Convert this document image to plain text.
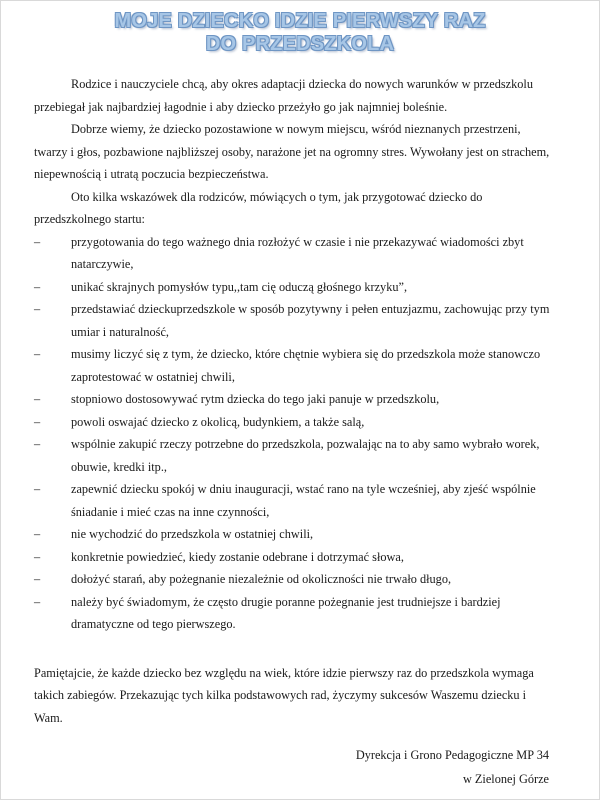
MOJE DZIECKO IDZIE PIERWSZY RAZ
DO PRZEDSZKOLA

Rodzice i nauczyciele chcą, aby okres adaptacji dziecka do nowych warunków w przedszkolu przebiegał jak najbardziej łagodnie i aby dziecko przeżyło go jak najmniej boleśnie.

Dobrze wiemy, że dziecko pozostawione w nowym miejscu, wśród nieznanych przestrzeni, twarzy i głos, pozbawione najbliższej osoby, narażone jet na ogromny stres. Wywołany jest on strachem, niepewnością i utratą poczucia bezpieczeństwa.

Oto kilka wskazówek dla rodziców, mówiących o tym, jak przygotować dziecko do przedszkolnego startu:

–	przygotowania do tego ważnego dnia rozłożyć w czasie i nie przekazywać wiadomości zbyt natarczywie,
–	unikać skrajnych pomysłów typu,,tam cię oduczą głośnego krzyku”,
–	przedstawiać dzieckuprzedszkole w sposób pozytywny i pełen entuzjazmu, zachowując przy tym umiar i naturalność,
–	musimy liczyć się z tym, że dziecko, które chętnie wybiera się do przedszkola może stanowczo zaprotestować w ostatniej chwili,
–	stopniowo dostosowywać rytm dziecka do tego jaki panuje w przedszkolu,
–	powoli oswajać dziecko z okolicą, budynkiem, a także salą,
–	wspólnie zakupić rzeczy potrzebne do przedszkola, pozwalając na to aby samo wybrało worek, obuwie, kredki itp.,
–	zapewnić dziecku spokój w dniu inauguracji, wstać rano na tyle wcześniej, aby zjeść wspólnie śniadanie i mieć czas na inne czynności,
–	nie wychodzić do przedszkola w ostatniej chwili,
–	konkretnie powiedzieć, kiedy zostanie odebrane i dotrzymać słowa,
–	dołożyć starań, aby pożegnanie niezależnie od okoliczności nie trwało długo,
–	należy być świadomym, że często drugie poranne pożegnanie jest trudniejsze i bardziej dramatyczne od tego pierwszego.

Pamiętajcie, że każde dziecko bez względu na wiek, które idzie pierwszy raz do przedszkola wymaga takich zabiegów. Przekazując tych kilka podstawowych rad, życzymy sukcesów Waszemu dziecku i Wam.

Dyrekcja i Grono Pedagogiczne MP 34
w Zielonej Górze
